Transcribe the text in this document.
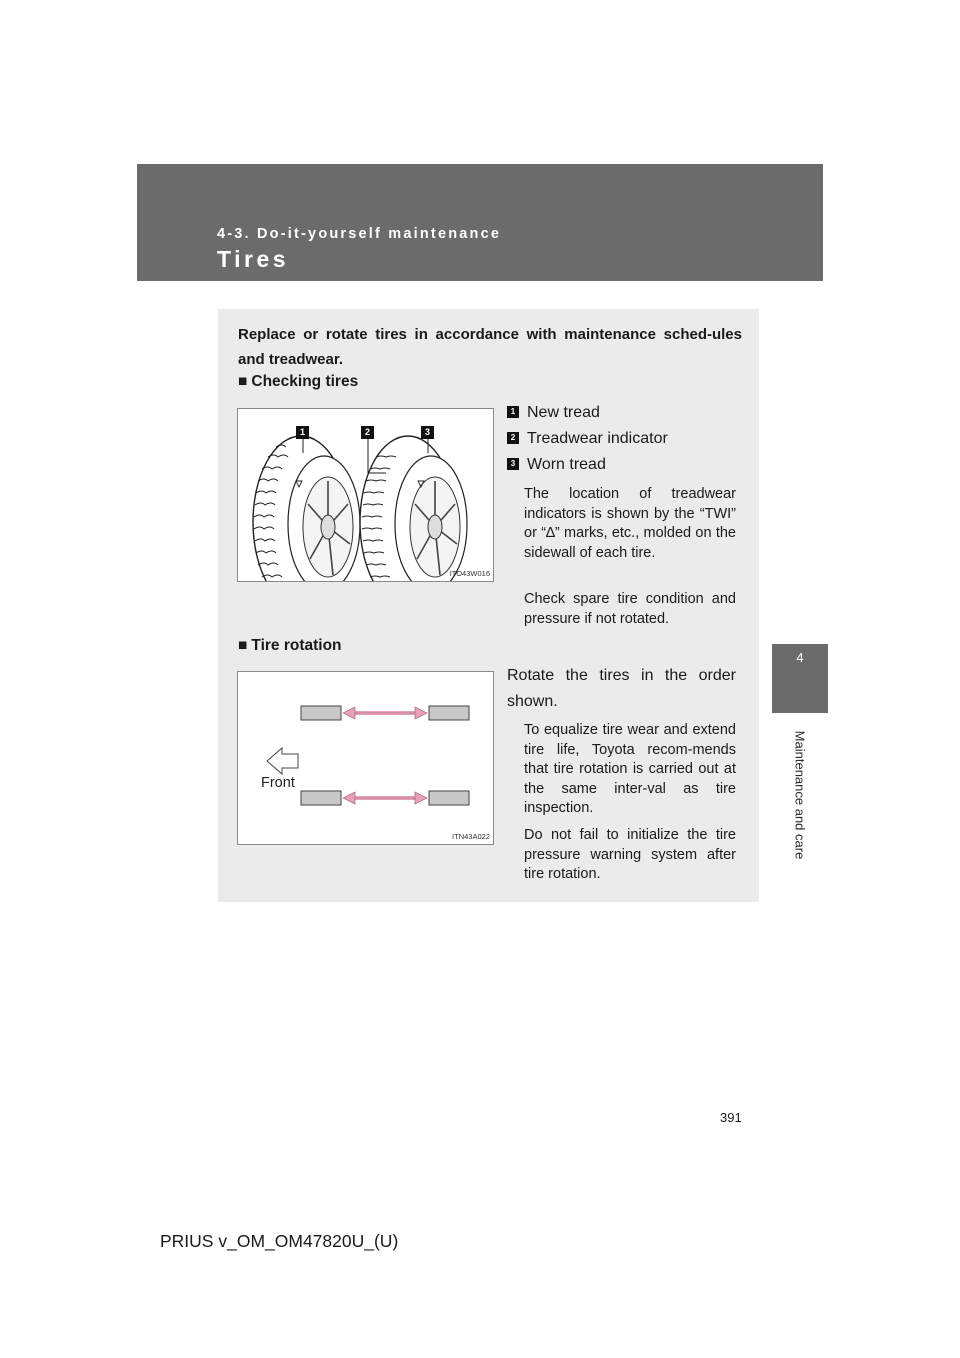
4-3. Do-it-yourself maintenance
Tires
4
Maintenance and care
Replace or rotate tires in accordance with maintenance sched-ules and treadwear.
■ Checking tires
1	2	3
ITO43W016
1 New tread
2 Treadwear indicator
3 Worn tread
The location of treadwear indicators is shown by the “TWI” or “∆” marks, etc., molded on the sidewall of each tire.
Check spare tire condition and pressure if not rotated.
■ Tire rotation
Front
ITN43A022
Rotate the tires in the order shown.
To equalize tire wear and extend tire life, Toyota recom-mends that tire rotation is carried out at the same inter-val as tire inspection.
Do not fail to initialize the tire pressure warning system after tire rotation.
391
PRIUS v_OM_OM47820U_(U)
